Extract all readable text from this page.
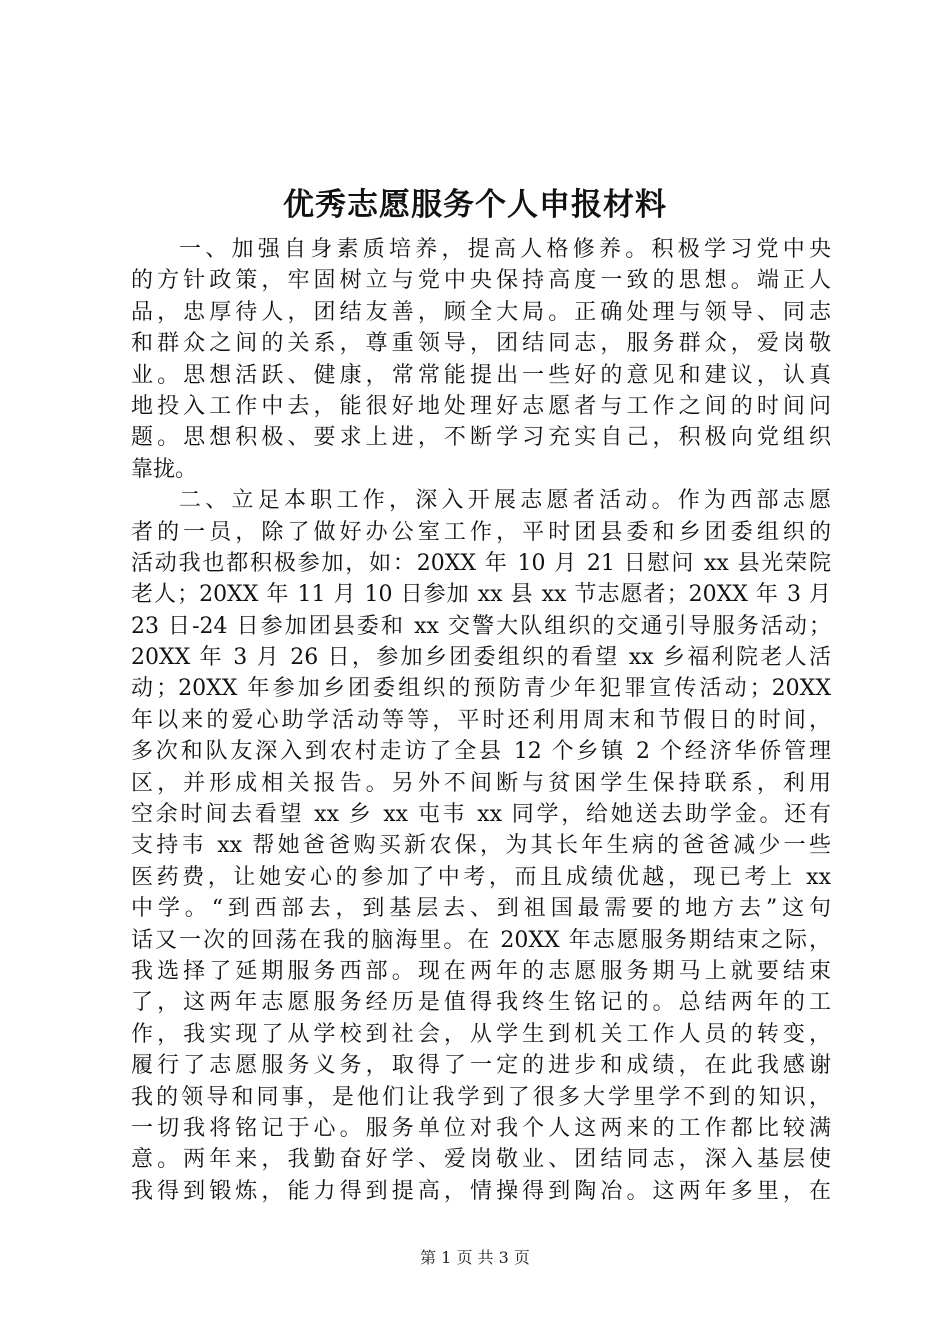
优秀志愿服务个人申报材料
一、加强自身素质培养，提高人格修养。积极学习党中央
的方针政策，牢固树立与党中央保持高度一致的思想。端正人
品，忠厚待人，团结友善，顾全大局。正确处理与领导、同志
和群众之间的关系，尊重领导，团结同志，服务群众，爱岗敬
业。思想活跃、健康，常常能提出一些好的意见和建议，认真
地投入工作中去，能很好地处理好志愿者与工作之间的时间问
题。思想积极、要求上进，不断学习充实自己，积极向党组织
靠拢。
二、立足本职工作，深入开展志愿者活动。作为西部志愿
者的一员，除了做好办公室工作，平时团县委和乡团委组织的
活动我也都积极参加，如：20XX 年 10 月 21 日慰问 xx 县光荣院
老人；20XX 年 11 月 10 日参加 xx 县 xx 节志愿者；20XX 年 3 月
23 日-24 日参加团县委和 xx 交警大队组织的交通引导服务活动；
20XX 年 3 月 26 日，参加乡团委组织的看望 xx 乡福利院老人活
动；20XX 年参加乡团委组织的预防青少年犯罪宣传活动；20XX
年以来的爱心助学活动等等，平时还利用周末和节假日的时间，
多次和队友深入到农村走访了全县 12 个乡镇 2 个经济华侨管理
区，并形成相关报告。另外不间断与贫困学生保持联系，利用
空余时间去看望 xx 乡 xx 屯韦 xx 同学，给她送去助学金。还有
支持韦 xx 帮她爸爸购买新农保，为其长年生病的爸爸减少一些
医药费，让她安心的参加了中考，而且成绩优越，现已考上 xx
中学。“到西部去，到基层去、到祖国最需要的地方去”这句
话又一次的回荡在我的脑海里。在 20XX 年志愿服务期结束之际，
我选择了延期服务西部。现在两年的志愿服务期马上就要结束
了，这两年志愿服务经历是值得我终生铭记的。总结两年的工
作，我实现了从学校到社会，从学生到机关工作人员的转变，
履行了志愿服务义务，取得了一定的进步和成绩，在此我感谢
我的领导和同事，是他们让我学到了很多大学里学不到的知识，
一切我将铭记于心。服务单位对我个人这两来的工作都比较满
意。两年来，我勤奋好学、爱岗敬业、团结同志，深入基层使
我得到锻炼，能力得到提高，情操得到陶冶。这两年多里，在
第 1 页 共 3 页
